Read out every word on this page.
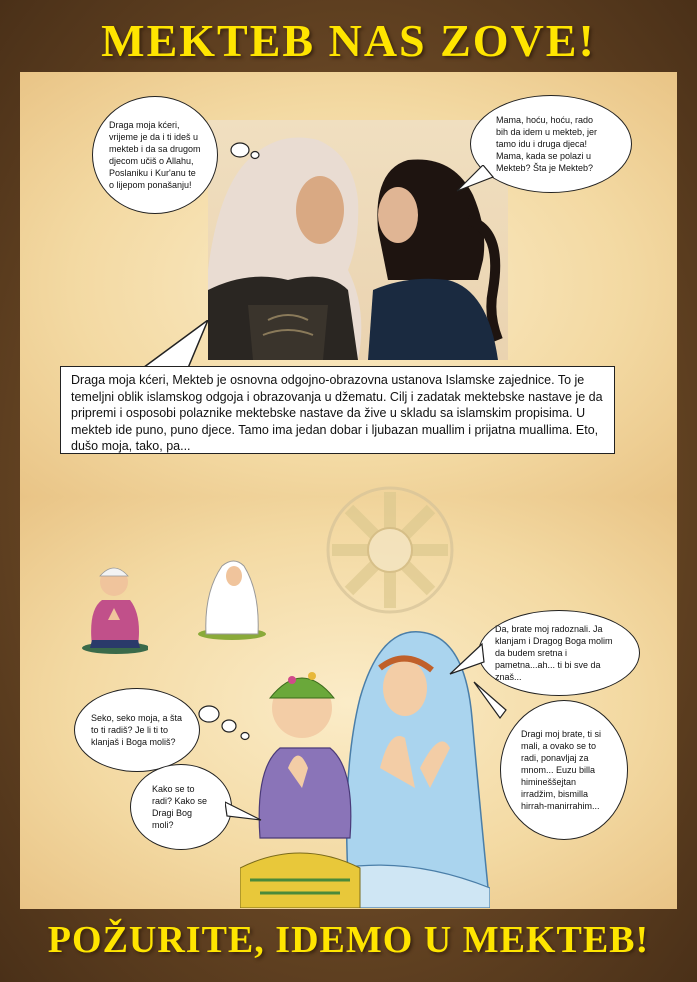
MEKTEB NAS ZOVE!
Draga moja kćeri, vrijeme je da i ti ideš u mekteb i da sa drugom djecom učiš o Allahu, Poslaniku i Kur'anu te o lijepom ponašanju!
Mama, hoću, hoću, rado bih da idem u mekteb, jer tamo idu i druga djeca! Mama, kada se polazi u Mekteb? Šta je Mekteb?
Draga moja kćeri, Mekteb je osnovna odgojno-obrazovna ustanova Islamske zajednice. To je temeljni oblik islamskog odgoja i obrazovanja u džematu. Cilj i zadatak mektebske nastave je da pripremi i osposobi polaznike mektebske nastave da žive u skladu sa islamskim propisima. U mekteb ide puno, puno djece. Tamo ima jedan dobar i ljubazan muallim i prijatna muallima. Eto, dušo moja, tako, pa...
Seko, seko moja, a šta to ti radiš? Je li ti to klanjaš i Boga moliš?
Kako se to radi? Kako se Dragi Bog moli?
Da, brate moj radoznali. Ja klanjam i Dragog Boga molim da budem sretna i pametna...ah... ti bi sve da znaš...
Dragi moj brate, ti si mali, a ovako se to radi, ponavljaj za mnom... Euzu billa himineššejtan irradžim, bismilla hirrah-manirrahim...
POŽURITE, IDEMO U MEKTEB!
